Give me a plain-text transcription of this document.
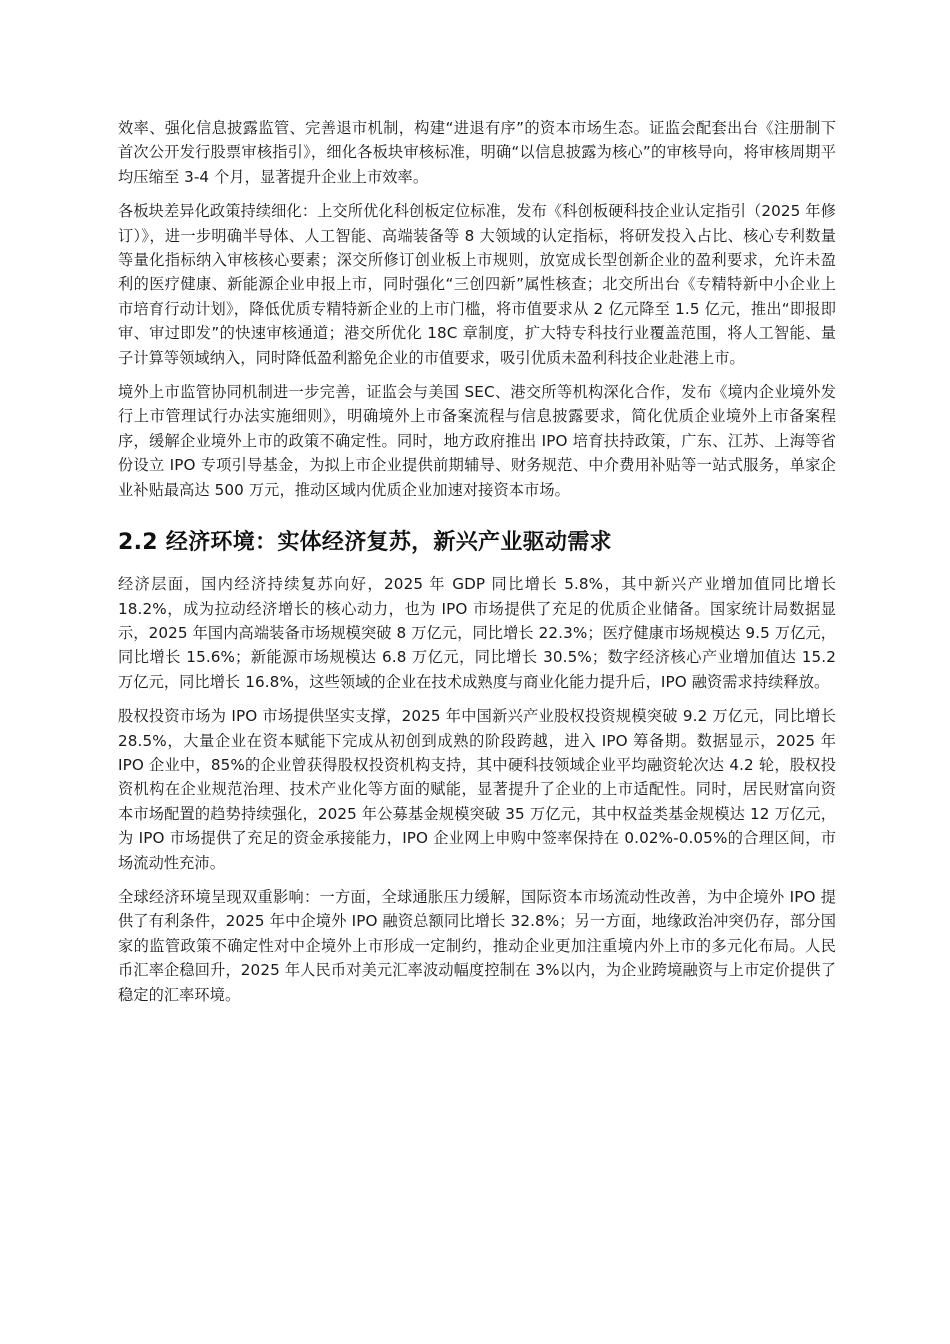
效率、强化信息披露监管、完善退市机制，构建“进退有序”的资本市场生态。证监会配套出台《注册制下首次公开发行股票审核指引》，细化各板块审核标准，明确“以信息披露为核心”的审核导向，将审核周期平均压缩至 3-4 个月，显著提升企业上市效率。

各板块差异化政策持续细化：上交所优化科创板定位标准，发布《科创板硬科技企业认定指引（2025 年修订）》，进一步明确半导体、人工智能、高端装备等 8 大领域的认定指标，将研发投入占比、核心专利数量等量化指标纳入审核核心要素；深交所修订创业板上市规则，放宽成长型创新企业的盈利要求，允许未盈利的医疗健康、新能源企业申报上市，同时强化“三创四新”属性核查；北交所出台《专精特新中小企业上市培育行动计划》，降低优质专精特新企业的上市门槛，将市值要求从 2 亿元降至 1.5 亿元，推出“即报即审、审过即发”的快速审核通道；港交所优化 18C 章制度，扩大特专科技行业覆盖范围，将人工智能、量子计算等领域纳入，同时降低盈利豁免企业的市值要求，吸引优质未盈利科技企业赴港上市。

境外上市监管协同机制进一步完善，证监会与美国 SEC、港交所等机构深化合作，发布《境内企业境外发行上市管理试行办法实施细则》，明确境外上市备案流程与信息披露要求，简化优质企业境外上市备案程序，缓解企业境外上市的政策不确定性。同时，地方政府推出 IPO 培育扶持政策，广东、江苏、上海等省份设立 IPO 专项引导基金，为拟上市企业提供前期辅导、财务规范、中介费用补贴等一站式服务，单家企业补贴最高达 500 万元，推动区域内优质企业加速对接资本市场。

2.2 经济环境：实体经济复苏，新兴产业驱动需求

经济层面，国内经济持续复苏向好，2025 年 GDP 同比增长 5.8%，其中新兴产业增加值同比增长 18.2%，成为拉动经济增长的核心动力，也为 IPO 市场提供了充足的优质企业储备。国家统计局数据显示，2025 年国内高端装备市场规模突破 8 万亿元，同比增长 22.3%；医疗健康市场规模达 9.5 万亿元，同比增长 15.6%；新能源市场规模达 6.8 万亿元，同比增长 30.5%；数字经济核心产业增加值达 15.2 万亿元，同比增长 16.8%，这些领域的企业在技术成熟度与商业化能力提升后，IPO 融资需求持续释放。

股权投资市场为 IPO 市场提供坚实支撑，2025 年中国新兴产业股权投资规模突破 9.2 万亿元，同比增长 28.5%，大量企业在资本赋能下完成从初创到成熟的阶段跨越，进入 IPO 筹备期。数据显示，2025 年 IPO 企业中，85%的企业曾获得股权投资机构支持，其中硬科技领域企业平均融资轮次达 4.2 轮，股权投资机构在企业规范治理、技术产业化等方面的赋能，显著提升了企业的上市适配性。同时，居民财富向资本市场配置的趋势持续强化，2025 年公募基金规模突破 35 万亿元，其中权益类基金规模达 12 万亿元，为 IPO 市场提供了充足的资金承接能力，IPO 企业网上申购中签率保持在 0.02%-0.05%的合理区间，市场流动性充沛。

全球经济环境呈现双重影响：一方面，全球通胀压力缓解，国际资本市场流动性改善，为中企境外 IPO 提供了有利条件，2025 年中企境外 IPO 融资总额同比增长 32.8%；另一方面，地缘政治冲突仍存，部分国家的监管政策不确定性对中企境外上市形成一定制约，推动企业更加注重境内外上市的多元化布局。人民币汇率企稳回升，2025 年人民币对美元汇率波动幅度控制在 3%以内，为企业跨境融资与上市定价提供了稳定的汇率环境。
